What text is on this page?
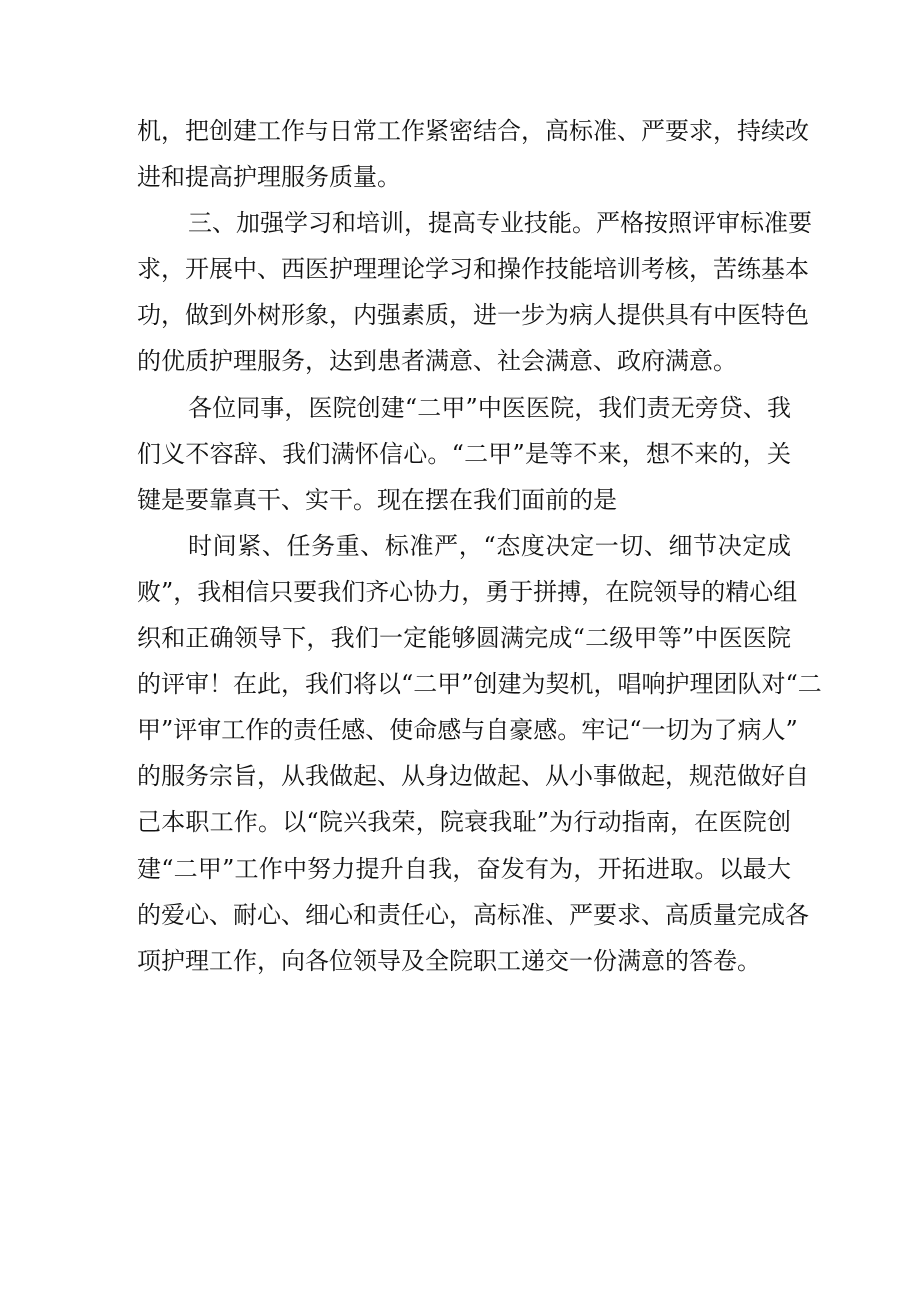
机，把创建工作与日常工作紧密结合，高标准、严要求，持续改
进和提高护理服务质量。
三、加强学习和培训，提高专业技能。严格按照评审标准要
求，开展中、西医护理理论学习和操作技能培训考核，苦练基本
功，做到外树形象，内强素质，进一步为病人提供具有中医特色
的优质护理服务，达到患者满意、社会满意、政府满意。
各位同事，医院创建“二甲”中医医院，我们责无旁贷、我
们义不容辞、我们满怀信心。“二甲”是等不来，想不来的，关
键是要靠真干、实干。现在摆在我们面前的是
时间紧、任务重、标准严，“态度决定一切、细节决定成
败”，我相信只要我们齐心协力，勇于拼搏，在院领导的精心组
织和正确领导下，我们一定能够圆满完成“二级甲等”中医医院
的评审！在此，我们将以“二甲”创建为契机，唱响护理团队对“二
甲”评审工作的责任感、使命感与自豪感。牢记“一切为了病人”
的服务宗旨，从我做起、从身边做起、从小事做起，规范做好自
己本职工作。以“院兴我荣，院衰我耻”为行动指南，在医院创
建“二甲”工作中努力提升自我，奋发有为，开拓进取。以最大
的爱心、耐心、细心和责任心，高标准、严要求、高质量完成各
项护理工作，向各位领导及全院职工递交一份满意的答卷。
